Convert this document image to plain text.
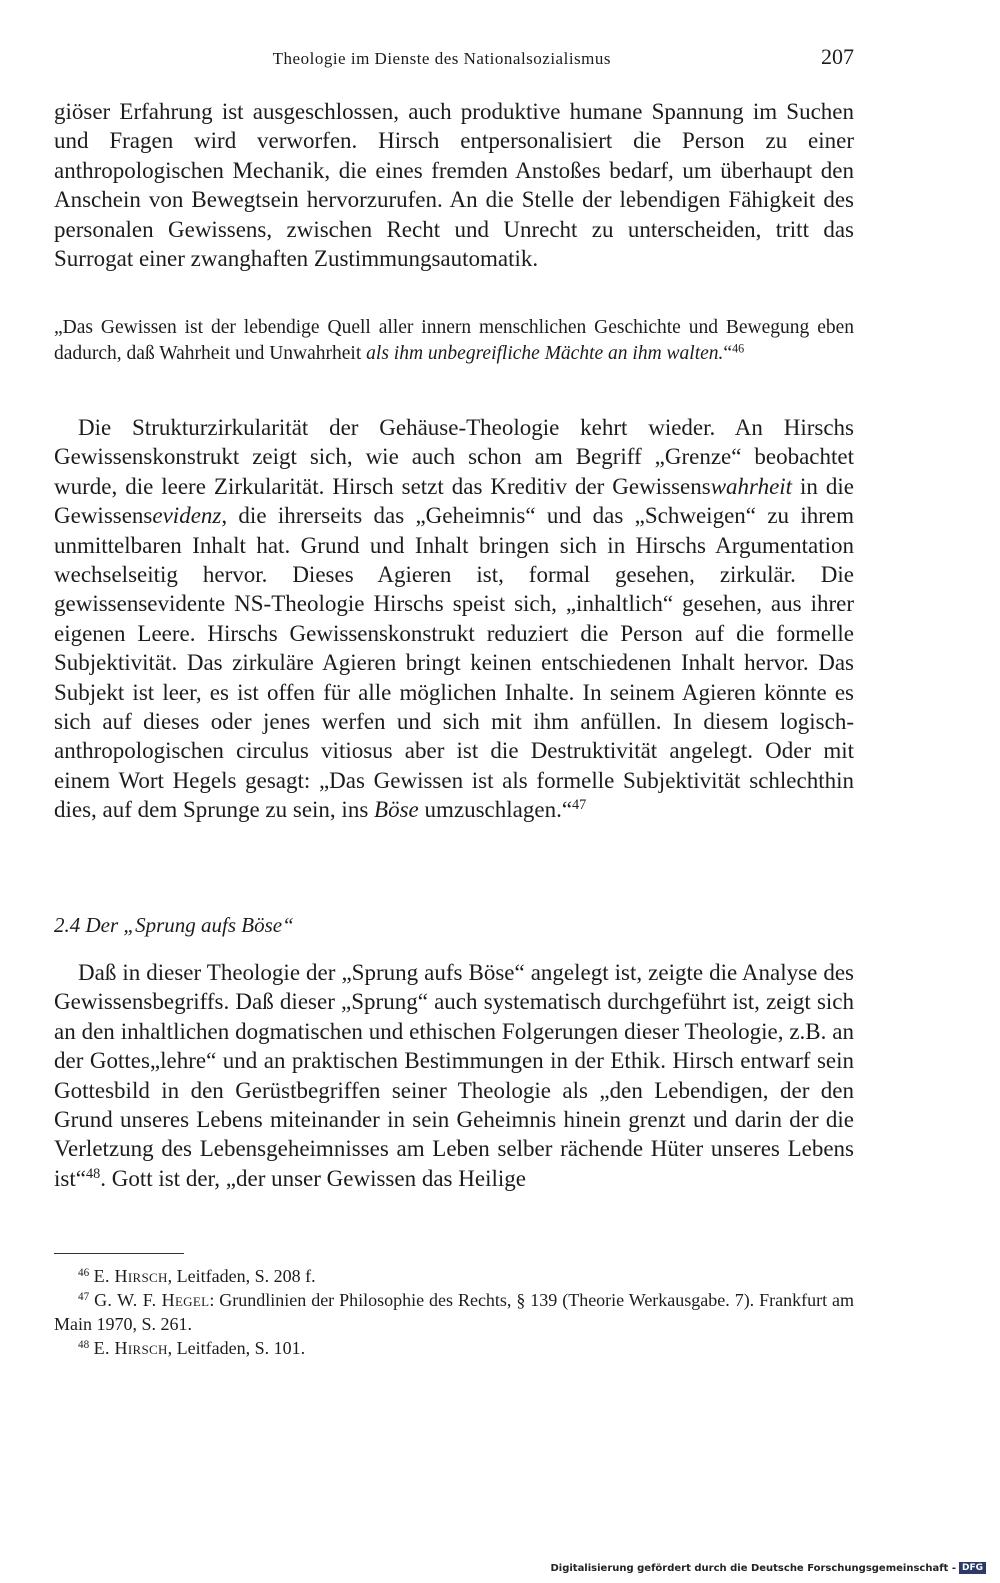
Theologie im Dienste des Nationalsozialismus	207

giöser Erfahrung ist ausgeschlossen, auch produktive humane Spannung im Suchen und Fragen wird verworfen. Hirsch entpersonalisiert die Person zu einer anthropologischen Mechanik, die eines fremden Anstoßes bedarf, um überhaupt den Anschein von Bewegtsein hervorzurufen. An die Stelle der lebendigen Fähigkeit des personalen Gewissens, zwischen Recht und Unrecht zu unterscheiden, tritt das Surrogat einer zwanghaften Zustimmungsautomatik.

„Das Gewissen ist der lebendige Quell aller innern menschlichen Geschichte und Bewegung eben dadurch, daß Wahrheit und Unwahrheit als ihm unbegreifliche Mächte an ihm walten.“$^{46}$

Die Strukturzirkularität der Gehäuse-Theologie kehrt wieder. An Hirschs Gewissenskonstrukt zeigt sich, wie auch schon am Begriff „Grenze“ beobachtet wurde, die leere Zirkularität. Hirsch setzt das Kreditiv der Gewissenswahrheit in die Gewissensevidenz, die ihrerseits das „Geheimnis“ und das „Schweigen“ zu ihrem unmittelbaren Inhalt hat. Grund und Inhalt bringen sich in Hirschs Argumentation wechselseitig hervor. Dieses Agieren ist, formal gesehen, zirkulär. Die gewissensevidente NS-Theologie Hirschs speist sich, „inhaltlich“ gesehen, aus ihrer eigenen Leere. Hirschs Gewissenskonstrukt reduziert die Person auf die formelle Subjektivität. Das zirkuläre Agieren bringt keinen entschiedenen Inhalt hervor. Das Subjekt ist leer, es ist offen für alle möglichen Inhalte. In seinem Agieren könnte es sich auf dieses oder jenes werfen und sich mit ihm anfüllen. In diesem logisch-anthropologischen circulus vitiosus aber ist die Destruktivität angelegt. Oder mit einem Wort Hegels gesagt: „Das Gewissen ist als formelle Subjektivität schlechthin dies, auf dem Sprunge zu sein, ins Böse umzuschlagen.“$^{47}$

2.4 Der „Sprung aufs Böse“

Daß in dieser Theologie der „Sprung aufs Böse“ angelegt ist, zeigte die Analyse des Gewissensbegriffs. Daß dieser „Sprung“ auch systematisch durchgeführt ist, zeigt sich an den inhaltlichen dogmatischen und ethischen Folgerungen dieser Theologie, z.B. an der Gottes„lehre“ und an praktischen Bestimmungen in der Ethik. Hirsch entwarf sein Gottesbild in den Gerüstbegriffen seiner Theologie als „den Lebendigen, der den Grund unseres Lebens miteinander in sein Geheimnis hinein grenzt und darin der die Verletzung des Lebensgeheimnisses am Leben selber rächende Hüter unseres Lebens ist“$^{48}$. Gott ist der, „der unser Gewissen das Heilige

$^{46}$ E. Hirsch, Leitfaden, S. 208 f.

$^{47}$ G. W. F. Hegel: Grundlinien der Philosophie des Rechts, § 139 (Theorie Werkausgabe. 7). Frankfurt am Main 1970, S. 261.

$^{48}$ E. Hirsch, Leitfaden, S. 101.

Digitalisierung gefördert durch die Deutsche Forschungsgemeinschaft - DFG
